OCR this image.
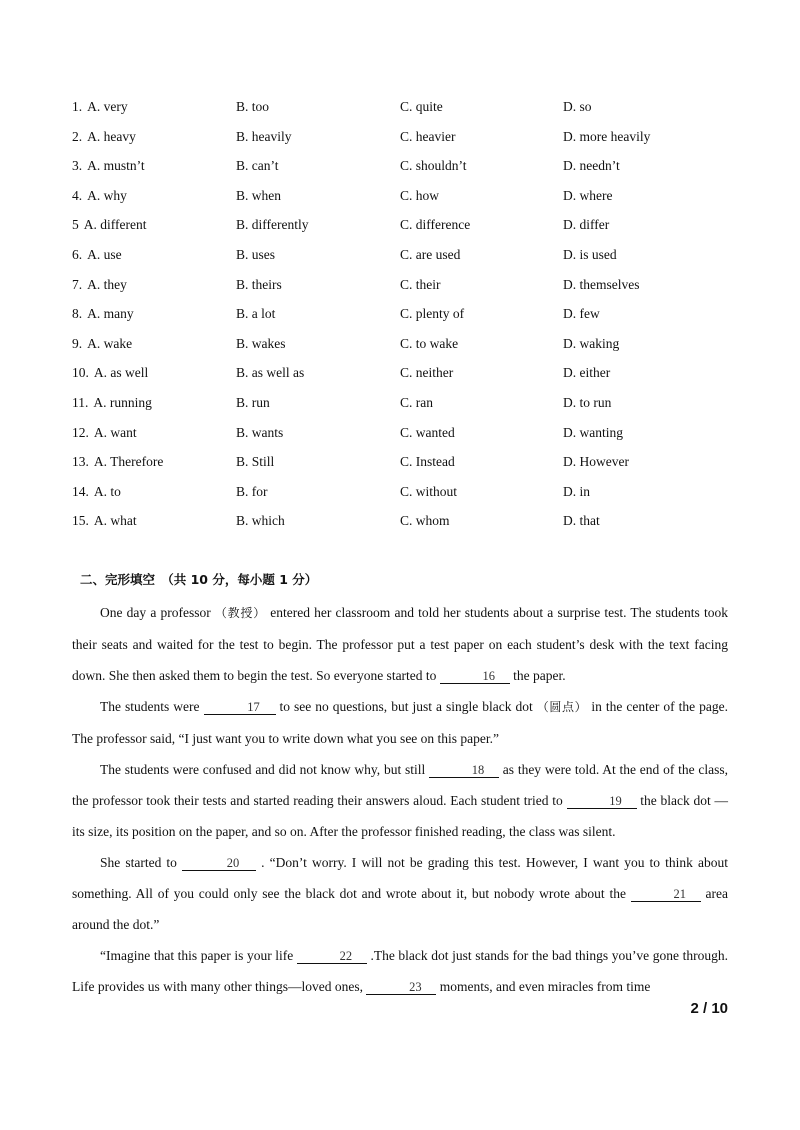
1. A. very	B. too	C. quite	D. so
2. A. heavy	B. heavily	C. heavier	D. more heavily
3. A. mustn’t	B. can’t	C. shouldn’t	D. needn’t
4. A. why	B. when	C. how	D. where
5 A. different	B. differently	C. difference	D. differ
6. A. use	B. uses	C. are used	D. is used
7. A. they	B. theirs	C. their	D. themselves
8. A. many	B. a lot	C. plenty of	D. few
9. A. wake	B. wakes	C. to wake	D. waking
10. A. as well	B. as well as	C. neither	D. either
11. A. running	B. run	C. ran	D. to run
12. A. want	B. wants	C. wanted	D. wanting
13. A. Therefore	B. Still	C. Instead	D. However
14. A. to	B. for	C. without	D. in
15. A. what	B. which	C. whom	D. that
二、完形填空　（共 10 分，每小题 1 分）

One day a professor （教授） entered her classroom and told her students about a surprise test. The students took their seats and waited for the test to begin. The professor put a test paper on each student’s desk with the text facing down. She then asked them to begin the test. So everyone started to	16 the paper.

The students were	17 to see no questions, but just a single black dot （圆点） in the center of the page. The professor said, “I just want you to write down what you see on this paper.”

The students were confused and did not know why, but still	18 as they were told. At the end of the class, the professor took their tests and started reading their answers aloud. Each student tried to	19 the black dot — its size, its position on the paper, and so on. After the professor finished reading, the class was silent.

She started to	20 . “Don’t worry. I will not be grading this test. However, I want you to think about something. All of you could only see the black dot and wrote about it, but nobody wrote about the	21 area around the dot.”

“Imagine that this paper is your life	22 .The black dot just stands for the bad things you’ve gone through. Life provides us with many other things—loved ones,	23 moments, and even miracles from time

2 / 10
